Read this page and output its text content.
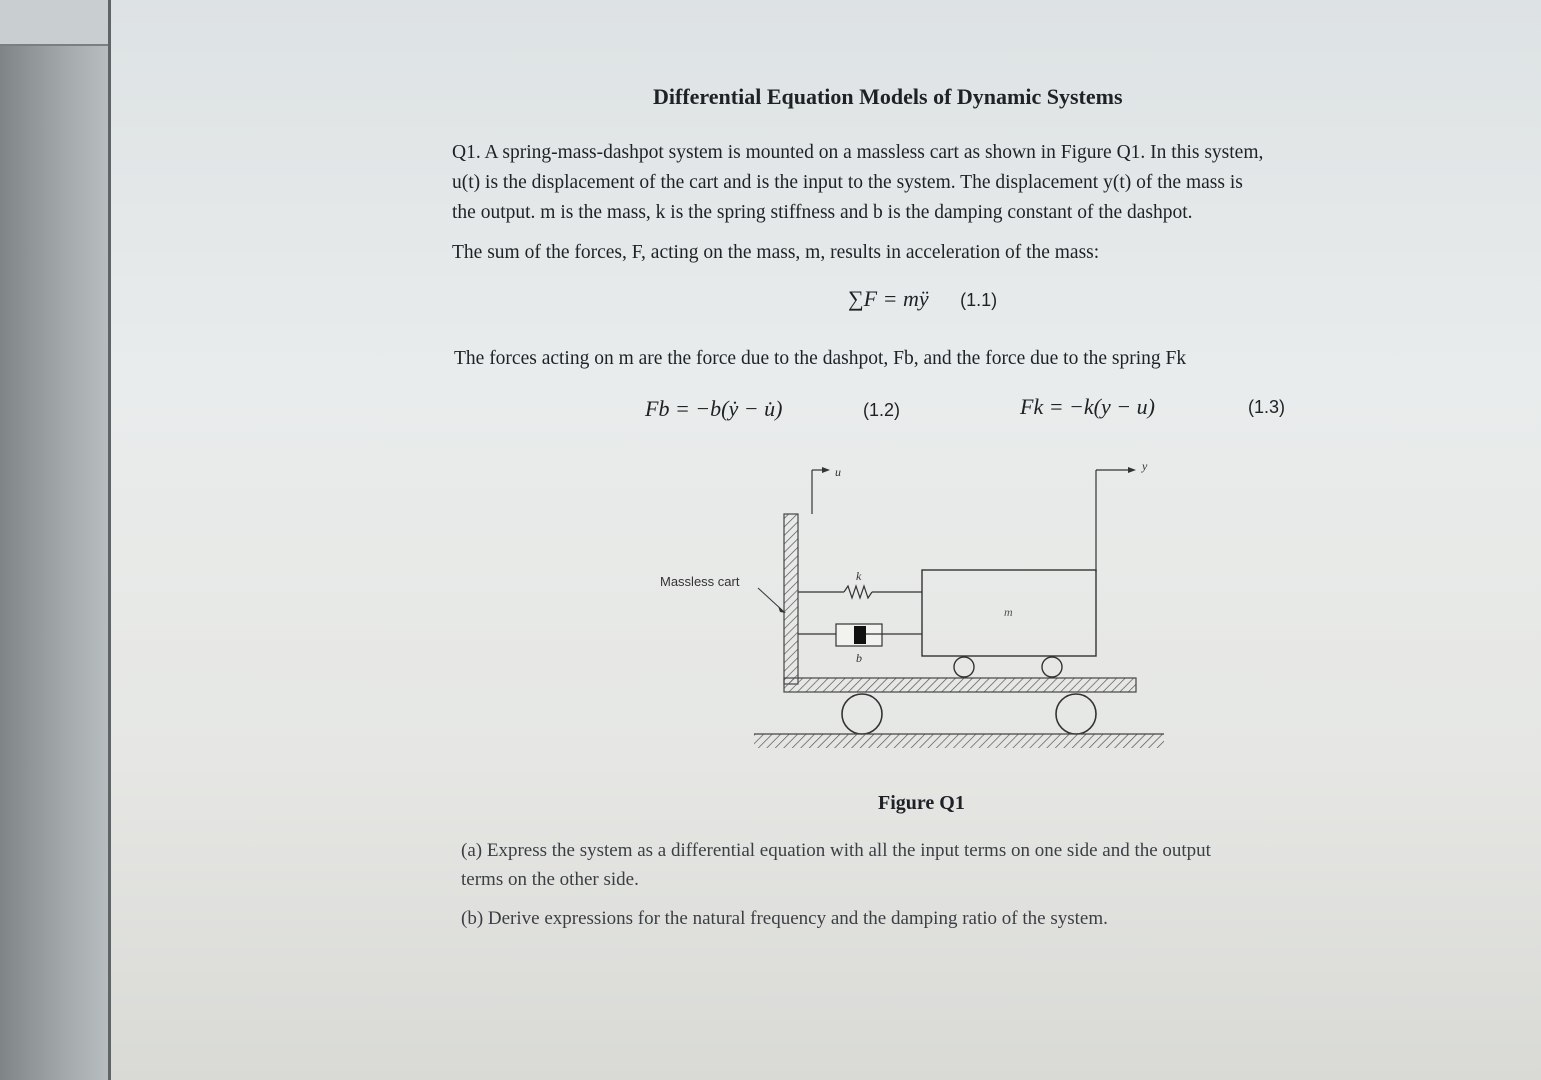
Differential Equation Models of Dynamic Systems
Q1. A spring-mass-dashpot system is mounted on a massless cart as shown in Figure Q1. In this system,
u(t) is the displacement of the cart and is the input to the system. The displacement y(t) of the mass is
the output. m is the mass, k is the spring stiffness and b is the damping constant of the dashpot.
The sum of the forces, F, acting on the mass, m, results in acceleration of the mass:
∑F = mÿ (1.1)
The forces acting on m are the force due to the dashpot, Fb, and the force due to the spring Fk
Fb = −b(ẏ − u̇)	(1.2)	Fk = −k(y − u)	(1.3)
u	y
Massless cart	k
b
m
Figure Q1
(a) Express the system as a differential equation with all the input terms on one side and the output
terms on the other side.
(b) Derive expressions for the natural frequency and the damping ratio of the system.
